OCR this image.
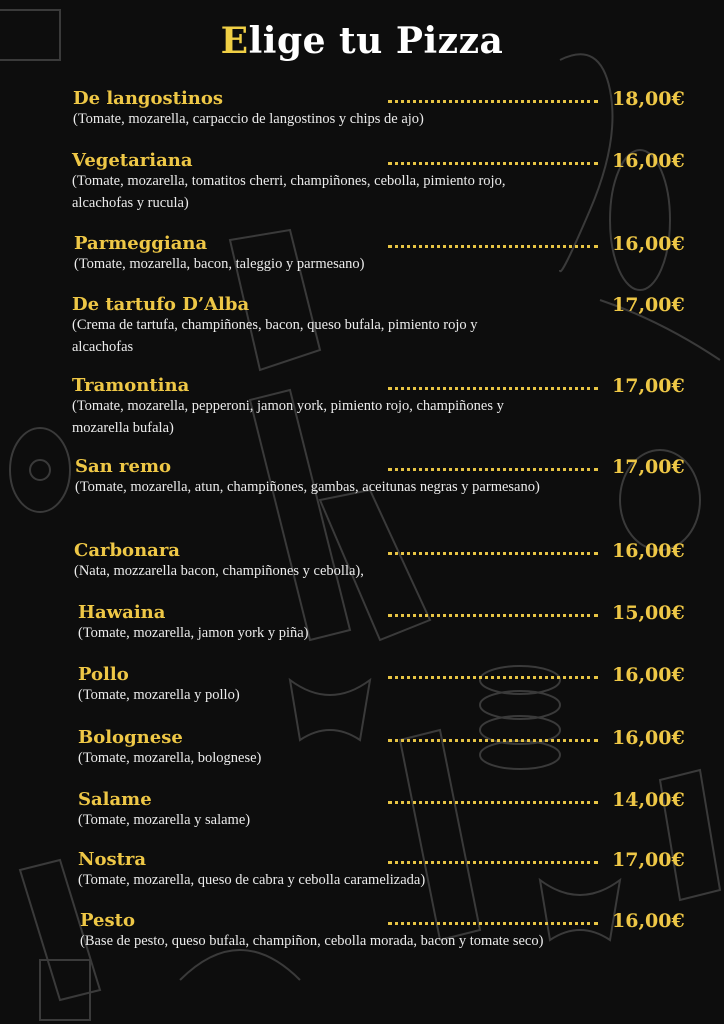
Elige tu Pizza
De langostinos	18,00€
(Tomate, mozarella, carpaccio de langostinos y chips de ajo)
Vegetariana	16,00€
(Tomate, mozarella, tomatitos cherri, champiñones, cebolla, pimiento rojo, alcachofas y rucula)
Parmeggiana	16,00€
(Tomate, mozarella, bacon, taleggio y parmesano)
De tartufo D’Alba	17,00€
(Crema de tartufa, champiñones, bacon, queso bufala, pimiento rojo y alcachofas
Tramontina	17,00€
(Tomate, mozarella, pepperoni, jamon york, pimiento rojo, champiñones y mozarella bufala)
San remo	17,00€
(Tomate, mozarella, atun, champiñones, gambas, aceitunas negras y parmesano)
Carbonara	16,00€
(Nata, mozzarella bacon, champiñones y cebolla),
Hawaina	15,00€
(Tomate, mozarella, jamon york y piña)
Pollo	16,00€
(Tomate, mozarella y pollo)
Bolognese	16,00€
(Tomate, mozarella, bolognese)
Salame	14,00€
(Tomate, mozarella y salame)
Nostra	17,00€
(Tomate, mozarella, queso de cabra y cebolla caramelizada)
Pesto	16,00€
(Base de pesto, queso bufala, champiñon, cebolla morada, bacon y tomate seco)
